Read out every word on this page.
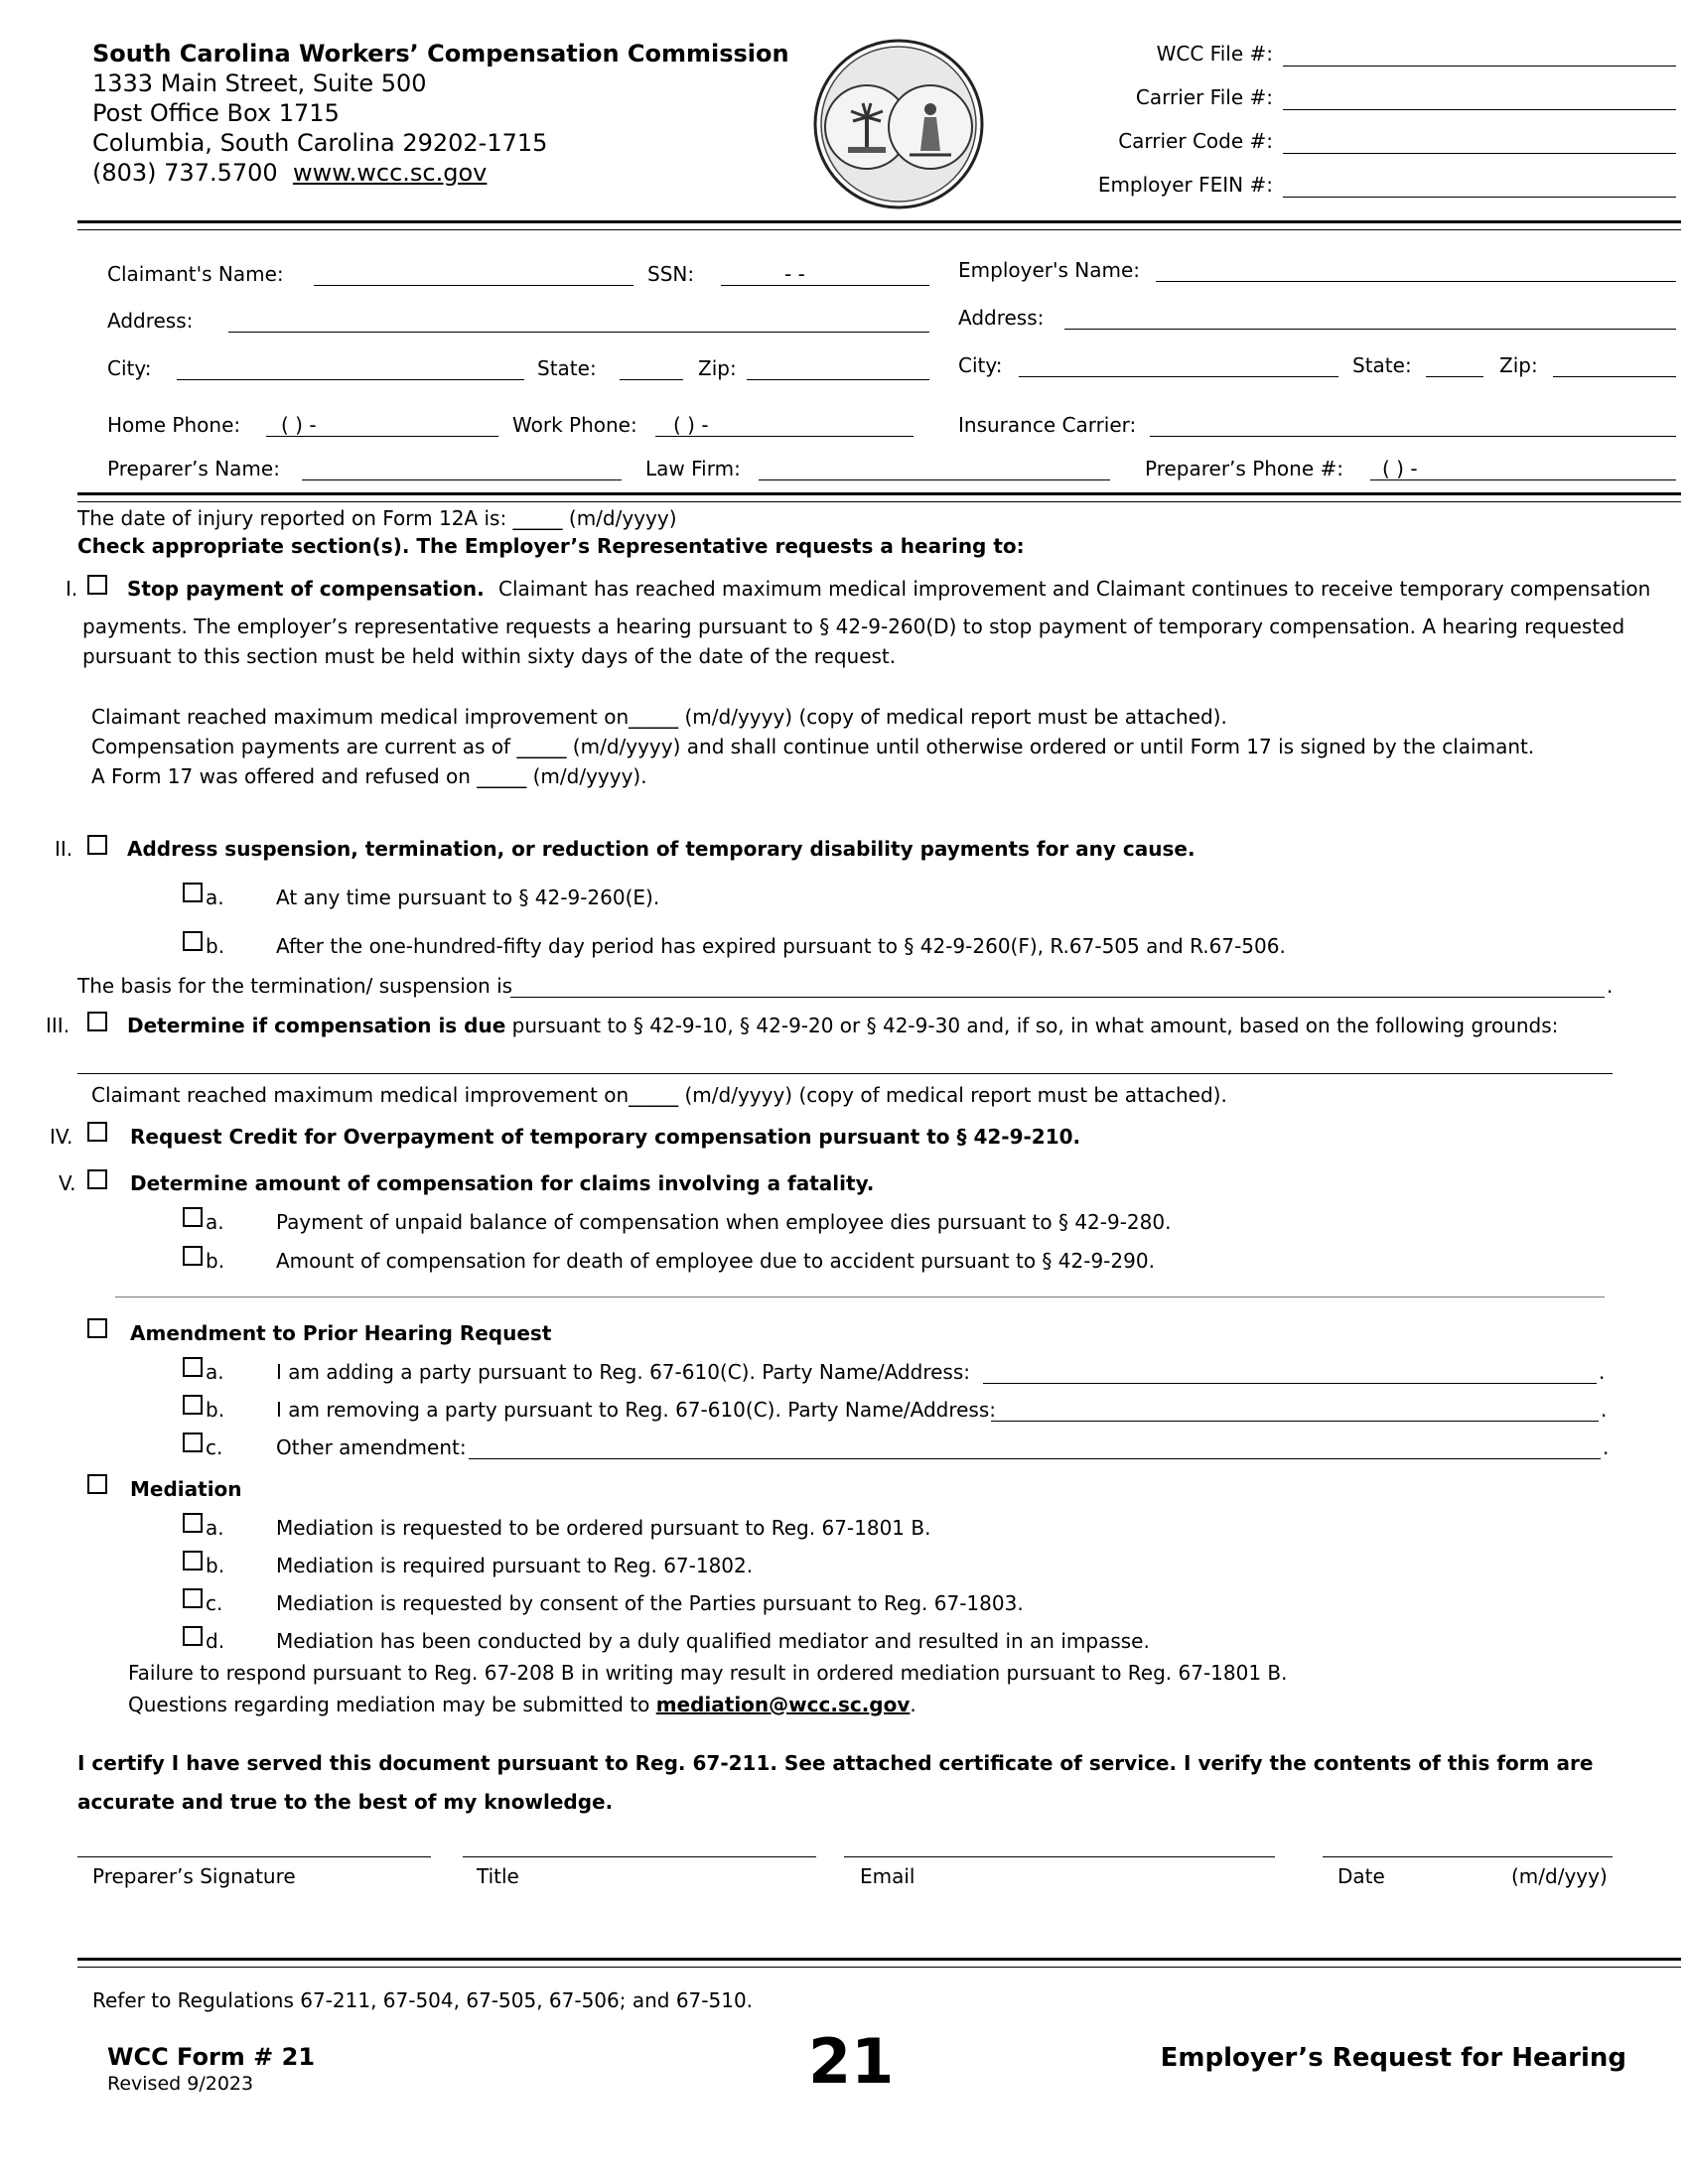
South Carolina Workers’ Compensation Commission
1333 Main Street, Suite 500
Post Office Box 1715
Columbia, South Carolina 29202-1715
(803) 737.5700 www.wcc.sc.gov
WCC File #:
Carrier File #:
Carrier Code #:
Employer FEIN #:
Claimant's Name:	SSN:	- -
Address:
City:	State:	Zip:
Home Phone: ( ) -	Work Phone: ( ) -
Employer's Name:
Address:
City:	State:	Zip:
Insurance Carrier:
Preparer’s Name:	Law Firm:	Preparer’s Phone #: ( ) -
The date of injury reported on Form 12A is: _____ (m/d/yyyy)
Check appropriate section(s). The Employer’s Representative requests a hearing to:
I. Stop payment of compensation. Claimant has reached maximum medical improvement and Claimant continues to receive temporary compensation
payments. The employer’s representative requests a hearing pursuant to § 42-9-260(D) to stop payment of temporary compensation. A hearing requested
pursuant to this section must be held within sixty days of the date of the request.
Claimant reached maximum medical improvement on_____ (m/d/yyyy) (copy of medical report must be attached).
Compensation payments are current as of _____ (m/d/yyyy) and shall continue until otherwise ordered or until Form 17 is signed by the claimant.
A Form 17 was offered and refused on _____ (m/d/yyyy).
II.	Address suspension, termination, or reduction of temporary disability payments for any cause.
a.	At any time pursuant to § 42-9-260(E).
b.	After the one-hundred-fifty day period has expired pursuant to § 42-9-260(F), R.67-505 and R.67-506.
The basis for the termination/ suspension is	.
III.	Determine if compensation is due pursuant to § 42-9-10, § 42-9-20 or § 42-9-30 and, if so, in what amount, based on the following grounds:
Claimant reached maximum medical improvement on_____ (m/d/yyyy) (copy of medical report must be attached).
IV.	Request Credit for Overpayment of temporary compensation pursuant to § 42-9-210.
V.	Determine amount of compensation for claims involving a fatality.
a.	Payment of unpaid balance of compensation when employee dies pursuant to § 42-9-280.
b.	Amount of compensation for death of employee due to accident pursuant to § 42-9-290.
Amendment to Prior Hearing Request
a.	I am adding a party pursuant to Reg. 67-610(C). Party Name/Address:	.
b.	I am removing a party pursuant to Reg. 67-610(C). Party Name/Address:	.
c.	Other amendment:	.
Mediation
a.	Mediation is requested to be ordered pursuant to Reg. 67-1801 B.
b.	Mediation is required pursuant to Reg. 67-1802.
c.	Mediation is requested by consent of the Parties pursuant to Reg. 67-1803.
d.	Mediation has been conducted by a duly qualified mediator and resulted in an impasse.
Failure to respond pursuant to Reg. 67-208 B in writing may result in ordered mediation pursuant to Reg. 67-1801 B.
Questions regarding mediation may be submitted to mediation@wcc.sc.gov.
I certify I have served this document pursuant to Reg. 67-211. See attached certificate of service. I verify the contents of this form are
accurate and true to the best of my knowledge.
Preparer’s Signature	Title	Email	Date	(m/d/yyy)
Refer to Regulations 67-211, 67-504, 67-505, 67-506; and 67-510.
WCC Form # 21
Revised 9/2023	21	Employer’s Request for Hearing
